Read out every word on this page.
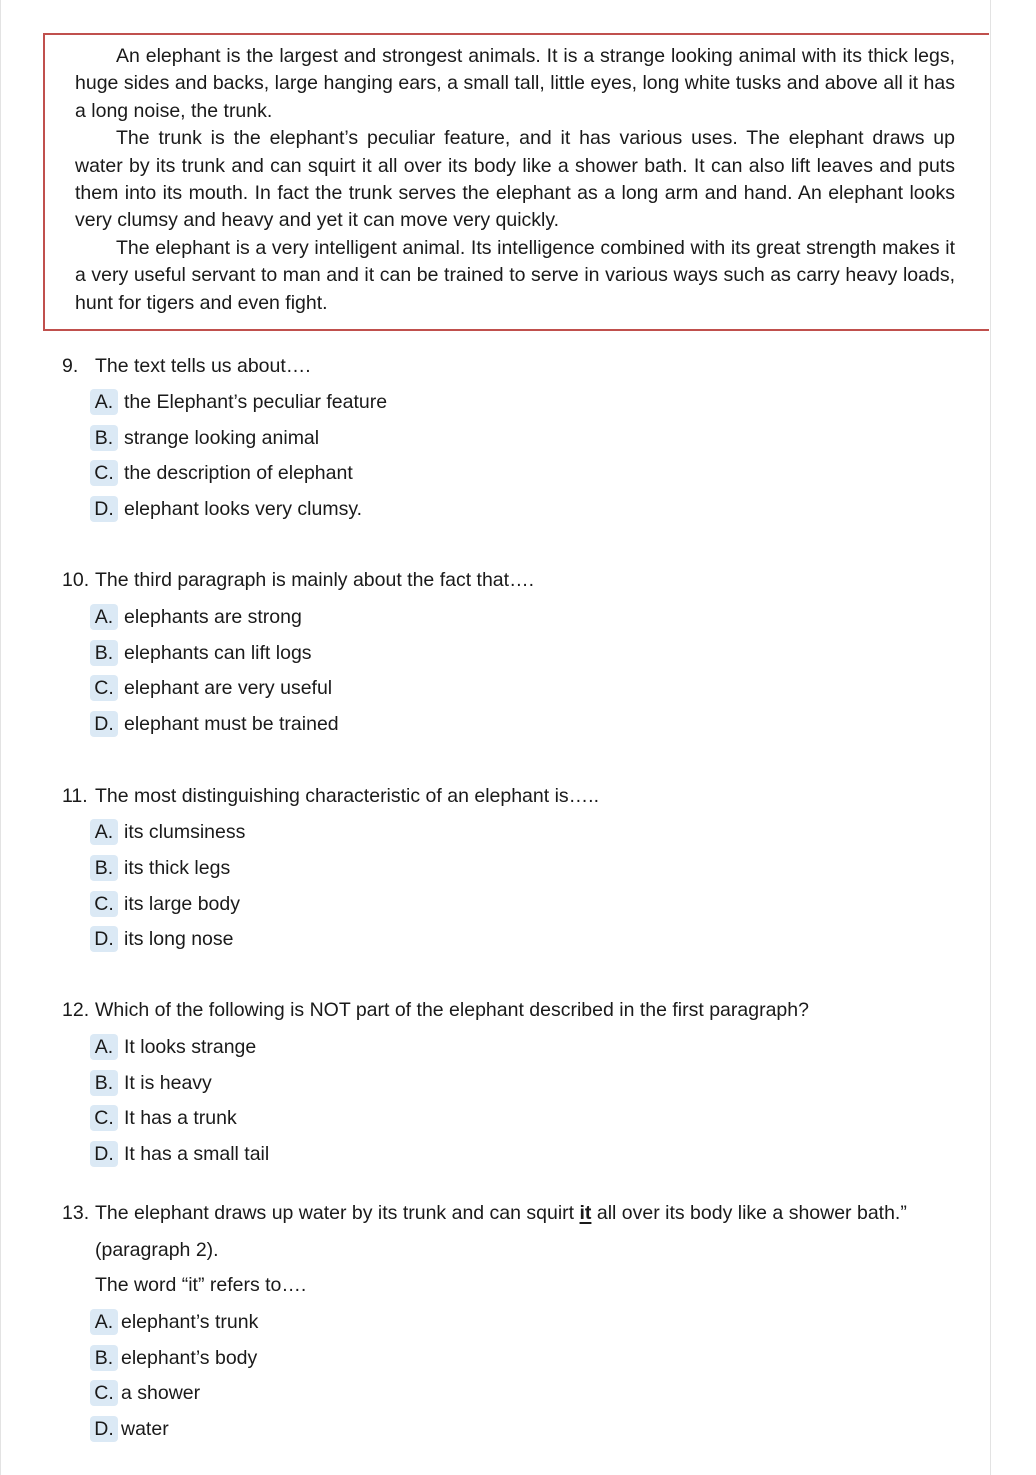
An elephant is the largest and strongest animals. It is a strange looking animal with its thick legs, huge sides and backs, large hanging ears, a small tall, little eyes, long white tusks and above all it has a long noise, the trunk.

The trunk is the elephant’s peculiar feature, and it has various uses. The elephant draws up water by its trunk and can squirt it all over its body like a shower bath. It can also lift leaves and puts them into its mouth. In fact the trunk serves the elephant as a long arm and hand. An elephant looks very clumsy and heavy and yet it can move very quickly.

The elephant is a very intelligent animal. Its intelligence combined with its great strength makes it a very useful servant to man and it can be trained to serve in various ways such as carry heavy loads, hunt for tigers and even fight.

9. The text tells us about….
A. the Elephant’s peculiar feature
B. strange looking animal
C. the description of elephant
D. elephant looks very clumsy.
10. The third paragraph is mainly about the fact that….
A. elephants are strong
B. elephants can lift logs
C. elephant are very useful
D. elephant must be trained
11. The most distinguishing characteristic of an elephant is…..
A. its clumsiness
B. its thick legs
C. its large body
D. its long nose
12. Which of the following is NOT part of the elephant described in the first paragraph?
A. It looks strange
B. It is heavy
C. It has a trunk
D. It has a small tail
13. The elephant draws up water by its trunk and can squirt it all over its body like a shower bath.”
(paragraph 2).
The word “it” refers to….
A. elephant’s trunk
B. elephant’s body
C. a shower
D. water
